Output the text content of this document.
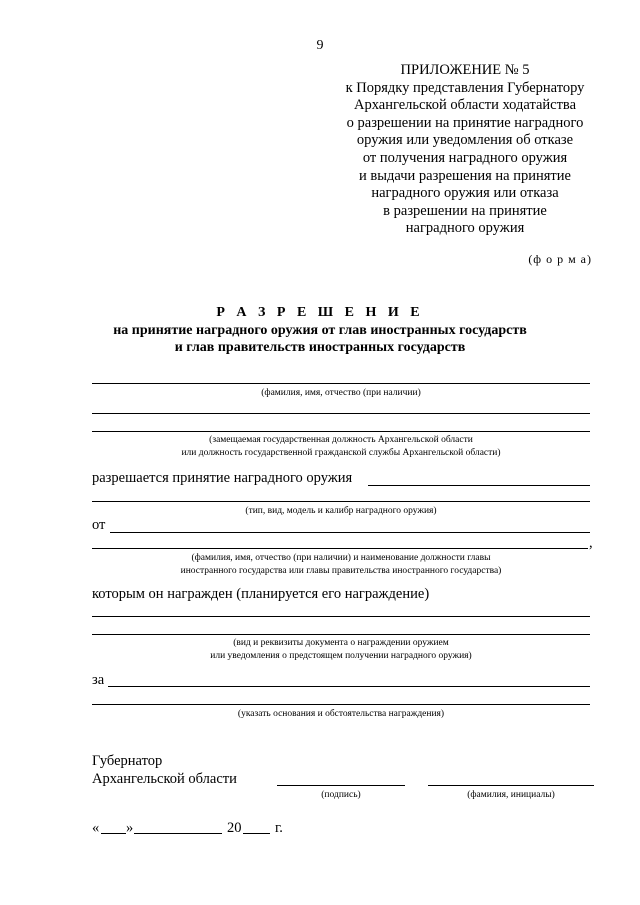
9
ПРИЛОЖЕНИЕ № 5
к Порядку представления Губернатору
Архангельской области ходатайства
о разрешении на принятие наградного
оружия или уведомления об отказе
от получения наградного оружия
и выдачи разрешения на принятие
наградного оружия или отказа
в разрешении на принятие
наградного оружия
(ф о р м а)
Р А З Р Е Ш Е Н И Е
на принятие наградного оружия от глав иностранных государств
и глав правительств иностранных государств
(фамилия, имя, отчество (при наличии)
(замещаемая государственная должность Архангельской области
или должность государственной гражданской службы Архангельской области)
разрешается принятие наградного оружия
(тип, вид, модель и калибр наградного оружия)
от
,
(фамилия, имя, отчество (при наличии) и наименование должности главы
иностранного государства или главы правительства иностранного государства)
которым он награжден (планируется его награждение)
(вид и реквизиты документа о награждении оружием
или уведомления о предстоящем получении наградного оружия)
за
(указать основания и обстоятельства награждения)
Губернатор
Архангельской области
(подпись)	(фамилия, инициалы)
« »	20 г.
